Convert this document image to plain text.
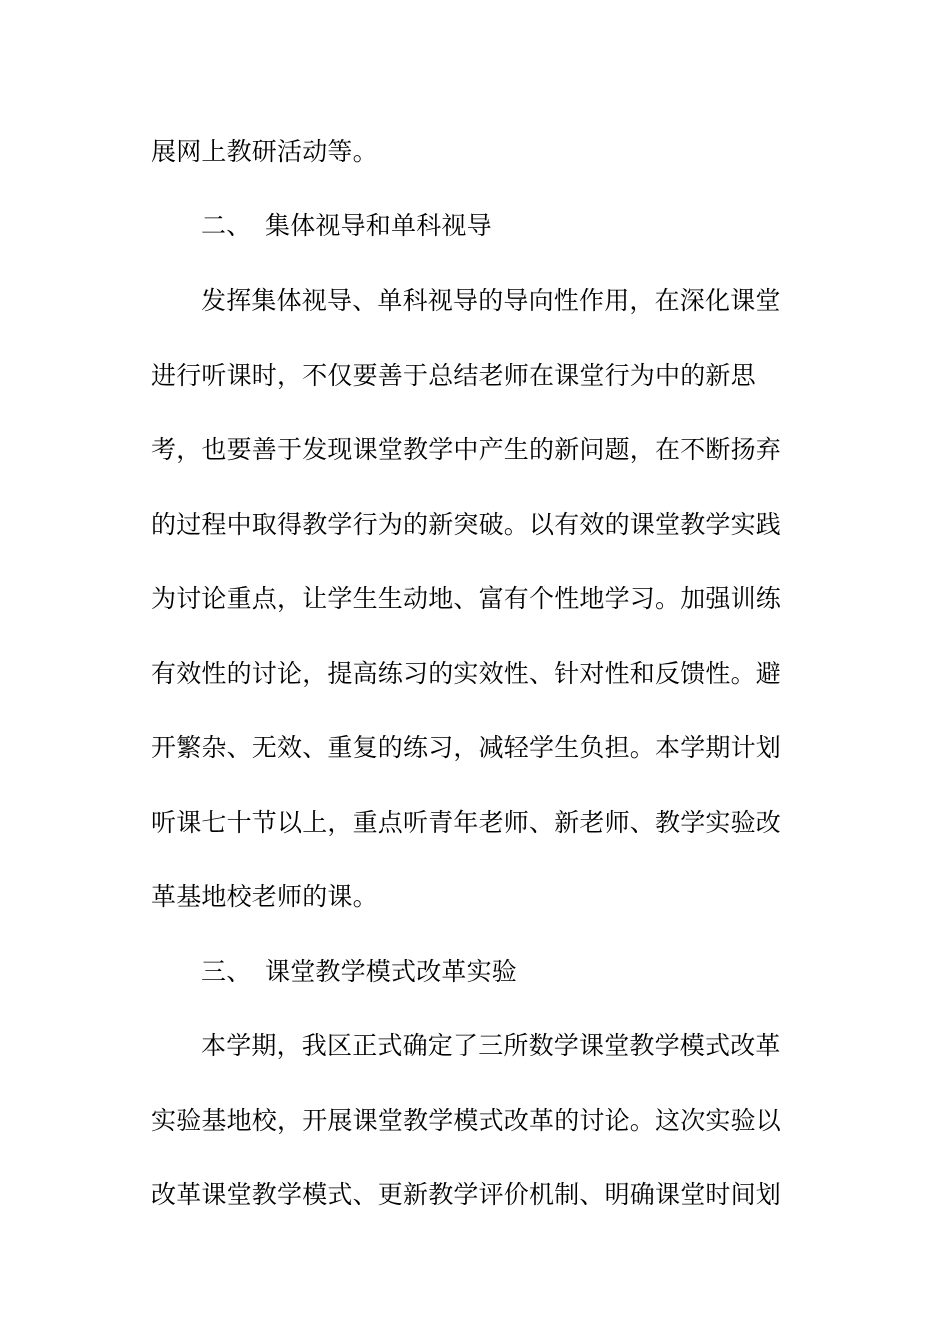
展网上教研活动等。
二、 集体视导和单科视导
发挥集体视导、单科视导的导向性作用，在深化课堂
进行听课时，不仅要善于总结老师在课堂行为中的新思
考，也要善于发现课堂教学中产生的新问题，在不断扬弃
的过程中取得教学行为的新突破。以有效的课堂教学实践
为讨论重点，让学生生动地、富有个性地学习。加强训练
有效性的讨论，提高练习的实效性、针对性和反馈性。避
开繁杂、无效、重复的练习，减轻学生负担。本学期计划
听课七十节以上，重点听青年老师、新老师、教学实验改
革基地校老师的课。
三、 课堂教学模式改革实验
本学期，我区正式确定了三所数学课堂教学模式改革
实验基地校，开展课堂教学模式改革的讨论。这次实验以
改革课堂教学模式、更新教学评价机制、明确课堂时间划
